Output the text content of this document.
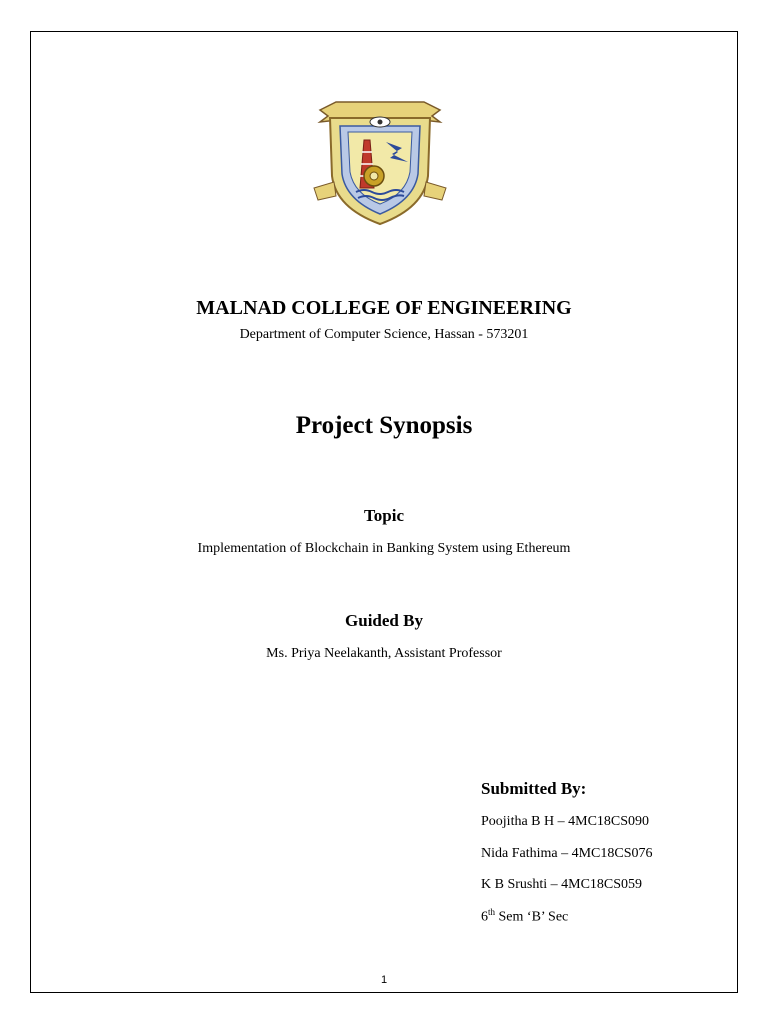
MALNAD COLLEGE OF ENGINEERING
Department of Computer Science, Hassan - 573201
Project Synopsis
Topic
Implementation of Blockchain in Banking System using Ethereum
Guided By
Ms. Priya Neelakanth, Assistant Professor
Submitted By:
Poojitha B H – 4MC18CS090
Nida Fathima – 4MC18CS076
K B Srushti – 4MC18CS059
6th Sem ‘B’ Sec
1
